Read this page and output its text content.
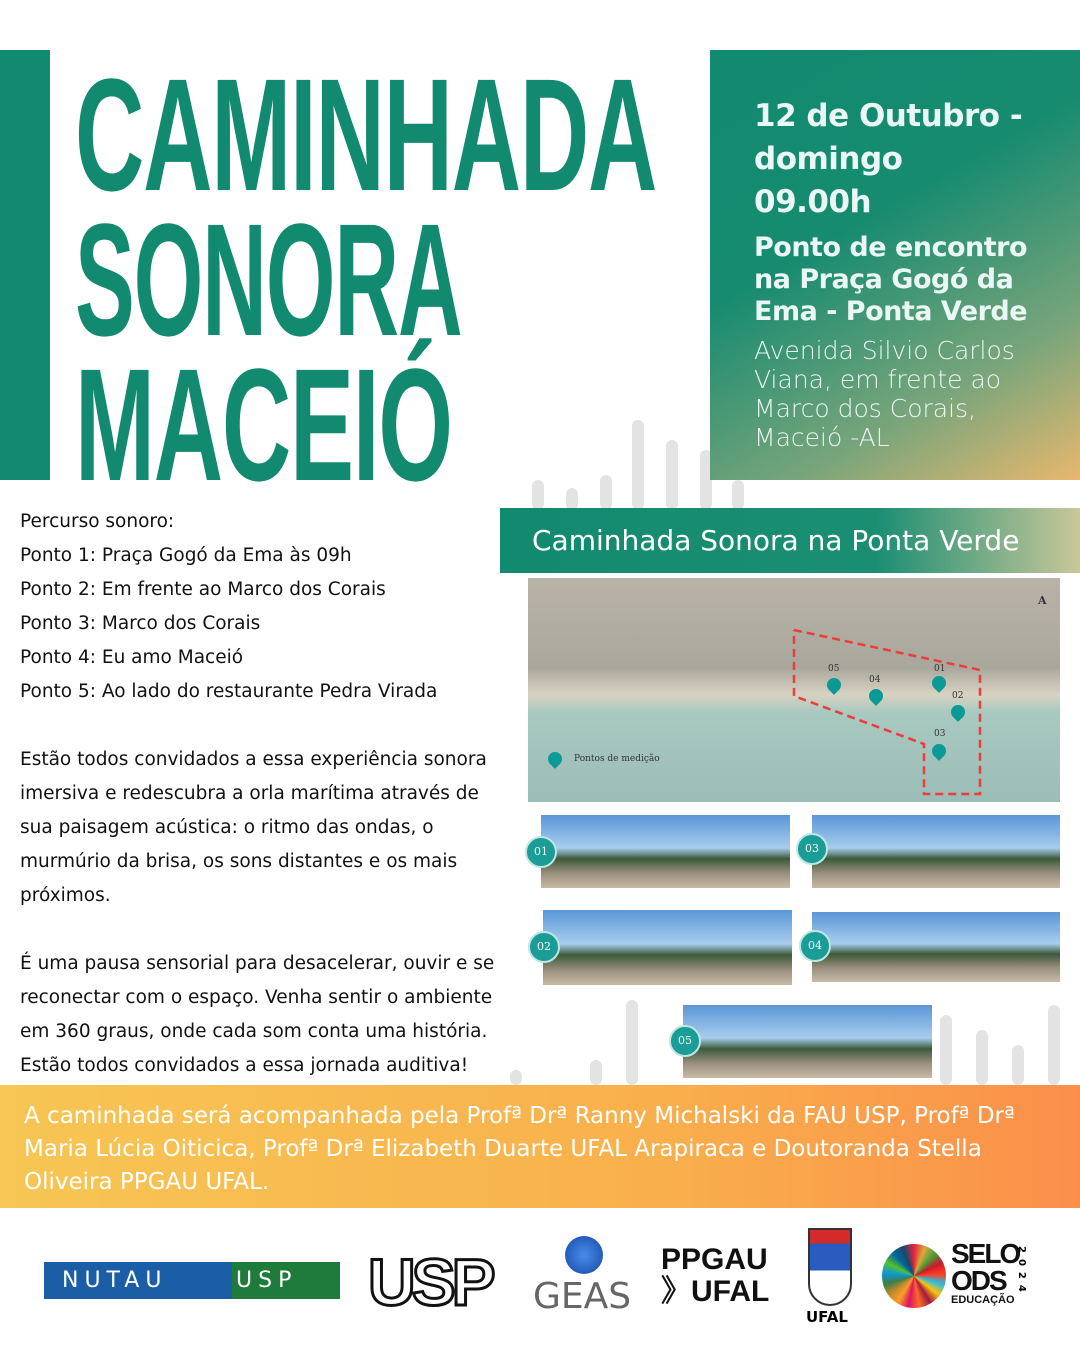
CAMINHADA
SONORA
MACEIÓ
12 de Outubro -
domingo
09.00h
Ponto de encontro na Praça Gogó da Ema - Ponta Verde
Avenida Silvio Carlos Viana, em frente ao Marco dos Corais, Maceió -AL

Percurso sonoro:

Ponto 1: Praça Gogó da Ema às 09h

Ponto 2: Em frente ao Marco dos Corais

Ponto 3: Marco dos Corais

Ponto 4: Eu amo Maceió

Ponto 5: Ao lado do restaurante Pedra Virada

Estão todos convidados a essa experiência sonora imersiva e redescubra a orla marítima através de sua paisagem acústica: o ritmo das ondas, o murmúrio da brisa, os sons distantes e os mais próximos.

É uma pausa sensorial para desacelerar, ouvir e se reconectar com o espaço. Venha sentir o ambiente em 360 graus, onde cada som conta uma história. Estão todos convidados a essa jornada auditiva!

Caminhada Sonora na Ponta Verde
01
02
03
04
05
Pontos de medição
A
01
02
03
04
05
A caminhada será acompanhada pela Profª Drª Ranny Michalski da FAU USP, Profª Drª Maria Lúcia Oiticica, Profª Drª Elizabeth Duarte UFAL Arapiraca e Doutoranda Stella Oliveira PPGAU UFAL.
NUTAU	USP	USP GEAS
PPGAU
》UFAL
UFAL
SELO
ODS
EDUCAÇÃO
2024
